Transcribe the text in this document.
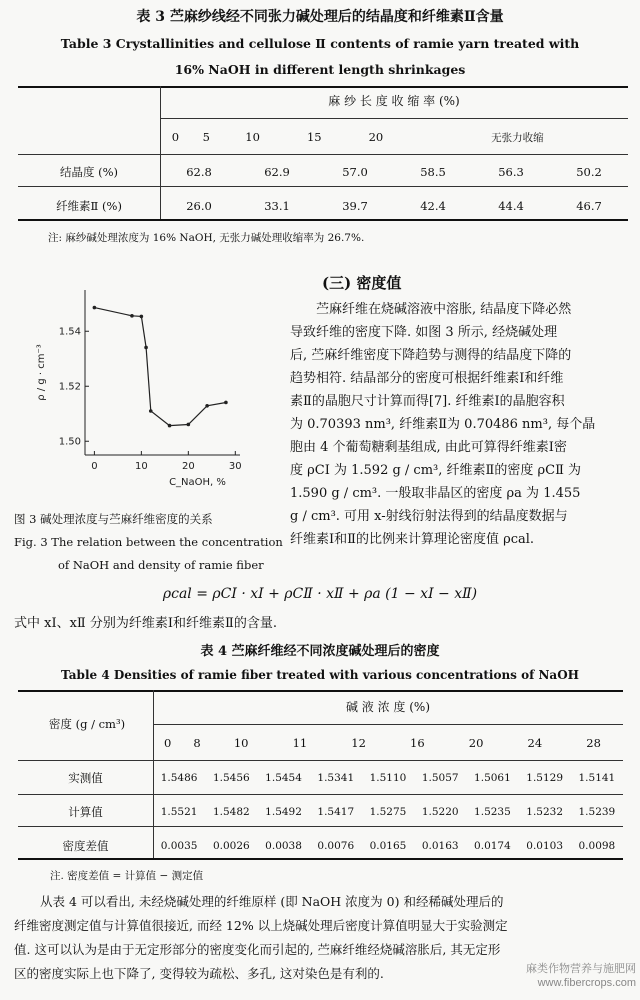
表 3 苎麻纱线经不同张力碱处理后的结晶度和纤维素Ⅱ含量
Table 3 Crystallinities and cellulose Ⅱ contents of ramie yarn treated with
16% NaOH in different length shrinkages
麻 纱 长 度 收 缩 率 (%)
0	5	10	15	20	无张力收缩
结晶度 (%)	62.8	62.9	57.0	58.5	56.3	50.2
纤维素Ⅱ (%)	26.0	33.1	39.7	42.4	44.4	46.7
注: 麻纱碱处理浓度为 16% NaOH, 无张力碱处理收缩率为 26.7%.
(三) 密度值
苎麻纤维在烧碱溶液中溶胀, 结晶度下降必然
导致纤维的密度下降. 如图 3 所示, 经烧碱处理
后, 苎麻纤维密度下降趋势与测得的结晶度下降的
趋势相符. 结晶部分的密度可根据纤维素Ⅰ和纤维
素Ⅱ的晶胞尺寸计算而得[7]. 纤维素Ⅰ的晶胞容积
为 0.70393 nm³, 纤维素Ⅱ为 0.70486 nm³, 每个晶
胞由 4 个葡萄糖剩基组成, 由此可算得纤维素Ⅰ密
度 ρCⅠ 为 1.592 g / cm³, 纤维素Ⅱ的密度 ρCⅡ 为
1.590 g / cm³. 一般取非晶区的密度 ρa 为 1.455
g / cm³. 可用 x-射线衍射法得到的结晶度数据与
纤维素Ⅰ和Ⅱ的比例来计算理论密度值 ρcal.
0	10	20	30
1.50
1.52
1.54
C_NaOH, %
ρ / g · cm⁻³
图 3 碱处理浓度与苎麻纤维密度的关系
Fig. 3 The relation between the concentration
of NaOH and density of ramie fiber
ρcal = ρCⅠ · xⅠ + ρCⅡ · xⅡ + ρa (1 − xⅠ − xⅡ)
式中 xⅠ、xⅡ 分别为纤维素Ⅰ和纤维素Ⅱ的含量.
表 4 苎麻纤维经不同浓度碱处理后的密度
Table 4 Densities of ramie fiber treated with various concentrations of NaOH
密度 (g / cm³)
碱 液 浓 度 (%)
0	8	10	11	12	16	20	24	28
实测值	1.5486	1.5456	1.5454	1.5341	1.5110	1.5057	1.5061	1.5129	1.5141
计算值	1.5521	1.5482	1.5492	1.5417	1.5275	1.5220	1.5235	1.5232	1.5239
密度差值	0.0035	0.0026	0.0038	0.0076	0.0165	0.0163	0.0174	0.0103	0.0098
注. 密度差值 = 计算值 − 测定值
从表 4 可以看出, 未经烧碱处理的纤维原样 (即 NaOH 浓度为 0) 和经稀碱处理后的
纤维密度测定值与计算值很接近, 而经 12% 以上烧碱处理后密度计算值明显大于实验测定
值. 这可以认为是由于无定形部分的密度变化而引起的, 苎麻纤维经烧碱溶胀后, 其无定形
区的密度实际上也下降了, 变得较为疏松、多孔, 这对染色是有利的.	麻类作物营养与施肥网
www.fibercrops.com
